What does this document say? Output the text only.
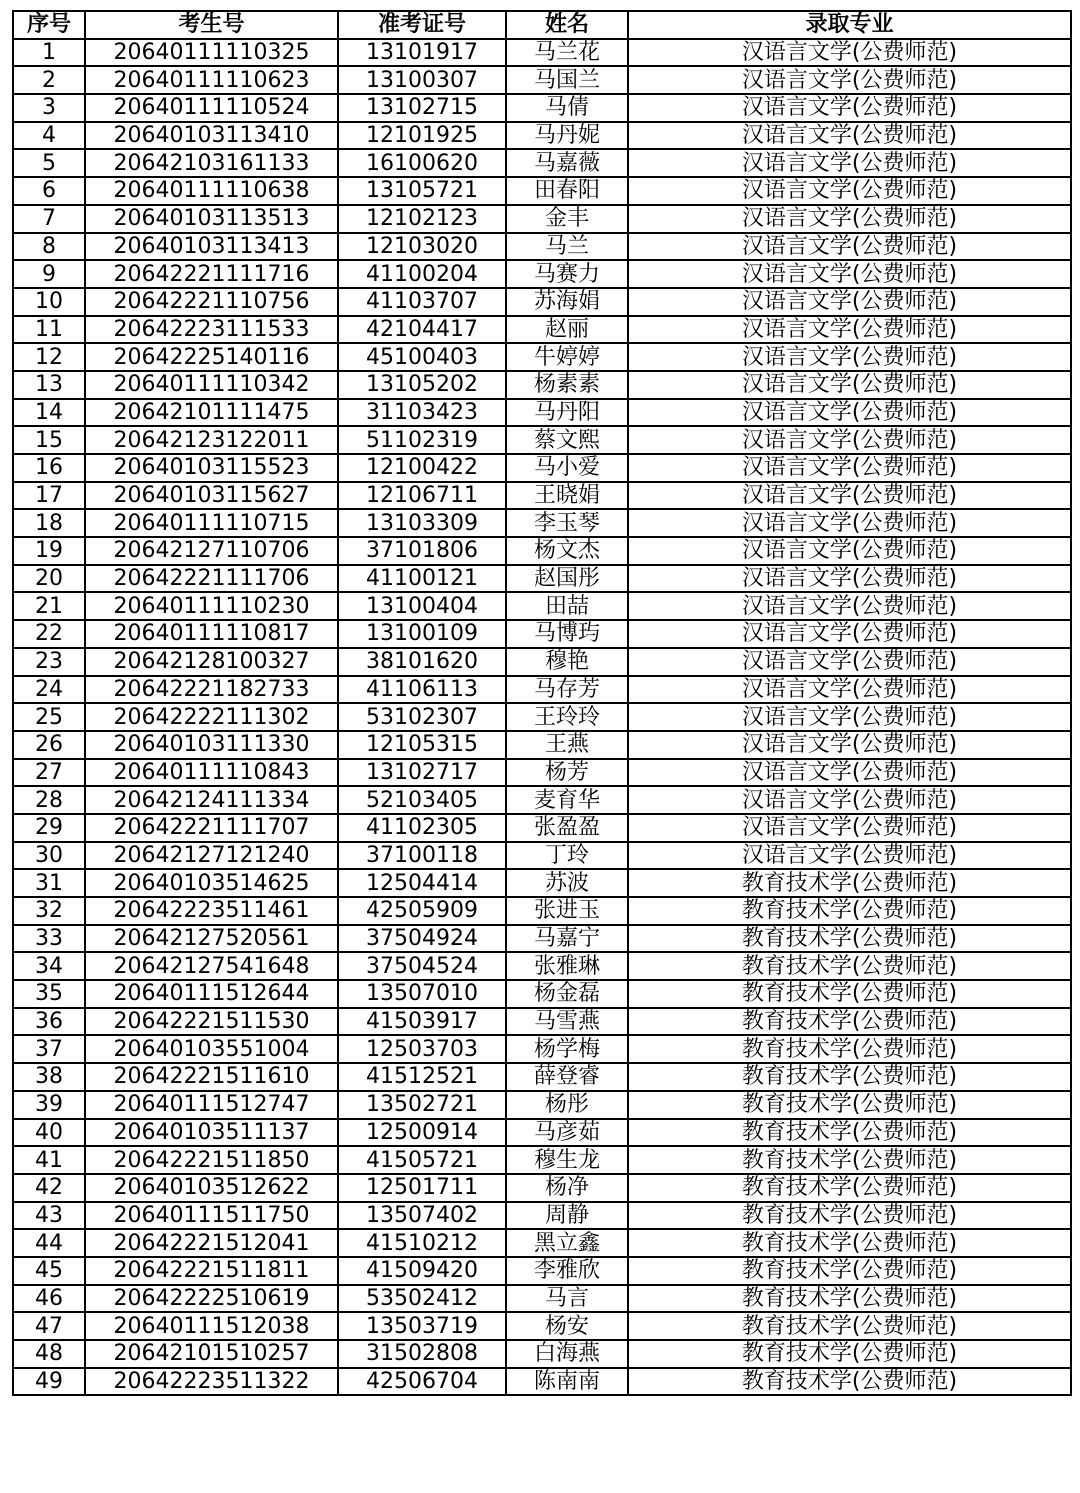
序号	考生号	准考证号	姓名	录取专业
1	20640111110325	13101917	马兰花	汉语言文学(公费师范)
2	20640111110623	13100307	马国兰	汉语言文学(公费师范)
3	20640111110524	13102715	马倩	汉语言文学(公费师范)
4	20640103113410	12101925	马丹妮	汉语言文学(公费师范)
5	20642103161133	16100620	马嘉薇	汉语言文学(公费师范)
6	20640111110638	13105721	田春阳	汉语言文学(公费师范)
7	20640103113513	12102123	金丰	汉语言文学(公费师范)
8	20640103113413	12103020	马兰	汉语言文学(公费师范)
9	20642221111716	41100204	马赛力	汉语言文学(公费师范)
10	20642221110756	41103707	苏海娟	汉语言文学(公费师范)
11	20642223111533	42104417	赵丽	汉语言文学(公费师范)
12	20642225140116	45100403	牛婷婷	汉语言文学(公费师范)
13	20640111110342	13105202	杨素素	汉语言文学(公费师范)
14	20642101111475	31103423	马丹阳	汉语言文学(公费师范)
15	20642123122011	51102319	蔡文熙	汉语言文学(公费师范)
16	20640103115523	12100422	马小爱	汉语言文学(公费师范)
17	20640103115627	12106711	王晓娟	汉语言文学(公费师范)
18	20640111110715	13103309	李玉琴	汉语言文学(公费师范)
19	20642127110706	37101806	杨文杰	汉语言文学(公费师范)
20	20642221111706	41100121	赵国彤	汉语言文学(公费师范)
21	20640111110230	13100404	田喆	汉语言文学(公费师范)
22	20640111110817	13100109	马博玙	汉语言文学(公费师范)
23	20642128100327	38101620	穆艳	汉语言文学(公费师范)
24	20642221182733	41106113	马存芳	汉语言文学(公费师范)
25	20642222111302	53102307	王玲玲	汉语言文学(公费师范)
26	20640103111330	12105315	王燕	汉语言文学(公费师范)
27	20640111110843	13102717	杨芳	汉语言文学(公费师范)
28	20642124111334	52103405	麦育华	汉语言文学(公费师范)
29	20642221111707	41102305	张盈盈	汉语言文学(公费师范)
30	20642127121240	37100118	丁玲	汉语言文学(公费师范)
31	20640103514625	12504414	苏波	教育技术学(公费师范)
32	20642223511461	42505909	张进玉	教育技术学(公费师范)
33	20642127520561	37504924	马嘉宁	教育技术学(公费师范)
34	20642127541648	37504524	张雅琳	教育技术学(公费师范)
35	20640111512644	13507010	杨金磊	教育技术学(公费师范)
36	20642221511530	41503917	马雪燕	教育技术学(公费师范)
37	20640103551004	12503703	杨学梅	教育技术学(公费师范)
38	20642221511610	41512521	薛登睿	教育技术学(公费师范)
39	20640111512747	13502721	杨彤	教育技术学(公费师范)
40	20640103511137	12500914	马彦茹	教育技术学(公费师范)
41	20642221511850	41505721	穆生龙	教育技术学(公费师范)
42	20640103512622	12501711	杨净	教育技术学(公费师范)
43	20640111511750	13507402	周静	教育技术学(公费师范)
44	20642221512041	41510212	黑立鑫	教育技术学(公费师范)
45	20642221511811	41509420	李雅欣	教育技术学(公费师范)
46	20642222510619	53502412	马言	教育技术学(公费师范)
47	20640111512038	13503719	杨安	教育技术学(公费师范)
48	20642101510257	31502808	白海燕	教育技术学(公费师范)
49	20642223511322	42506704	陈南南	教育技术学(公费师范)
